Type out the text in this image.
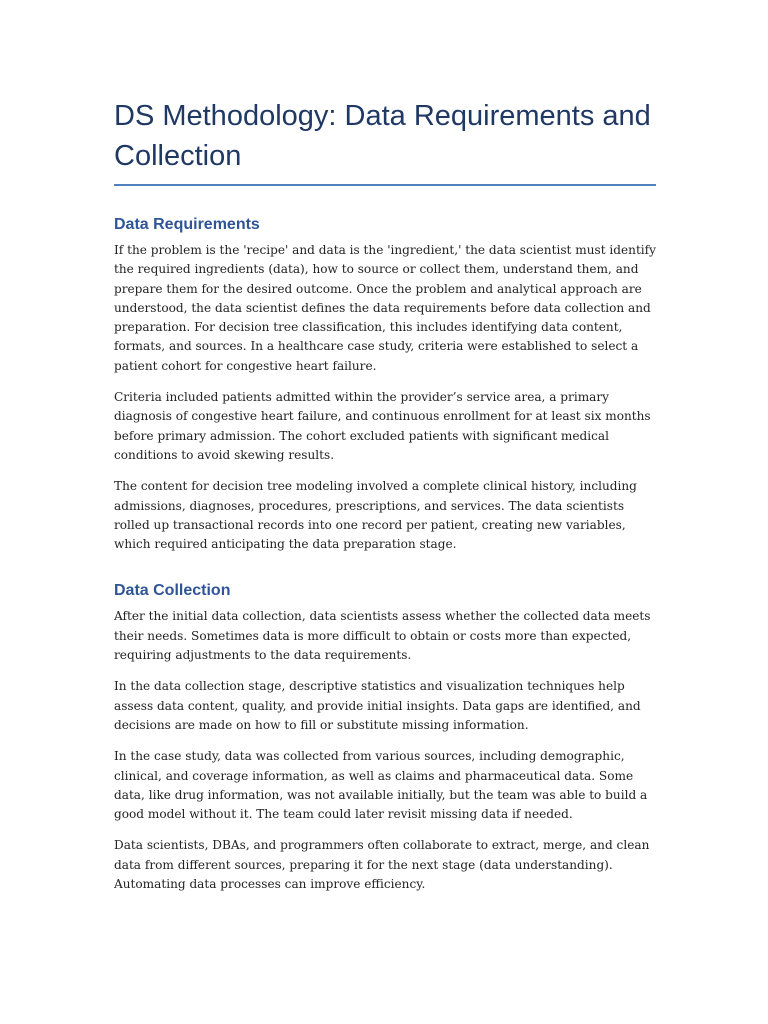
DS Methodology: Data Requirements and Collection
Data Requirements

If the problem is the 'recipe' and data is the 'ingredient,' the data scientist must identify the required ingredients (data), how to source or collect them, understand them, and prepare them for the desired outcome. Once the problem and analytical approach are understood, the data scientist defines the data requirements before data collection and preparation. For decision tree classification, this includes identifying data content, formats, and sources. In a healthcare case study, criteria were established to select a patient cohort for congestive heart failure.

Criteria included patients admitted within the provider’s service area, a primary diagnosis of congestive heart failure, and continuous enrollment for at least six months before primary admission. The cohort excluded patients with significant medical conditions to avoid skewing results.

The content for decision tree modeling involved a complete clinical history, including admissions, diagnoses, procedures, prescriptions, and services. The data scientists rolled up transactional records into one record per patient, creating new variables, which required anticipating the data preparation stage.

Data Collection

After the initial data collection, data scientists assess whether the collected data meets their needs. Sometimes data is more difficult to obtain or costs more than expected, requiring adjustments to the data requirements.

In the data collection stage, descriptive statistics and visualization techniques help assess data content, quality, and provide initial insights. Data gaps are identified, and decisions are made on how to fill or substitute missing information.

In the case study, data was collected from various sources, including demographic, clinical, and coverage information, as well as claims and pharmaceutical data. Some data, like drug information, was not available initially, but the team was able to build a good model without it. The team could later revisit missing data if needed.

Data scientists, DBAs, and programmers often collaborate to extract, merge, and clean data from different sources, preparing it for the next stage (data understanding). Automating data processes can improve efficiency.
